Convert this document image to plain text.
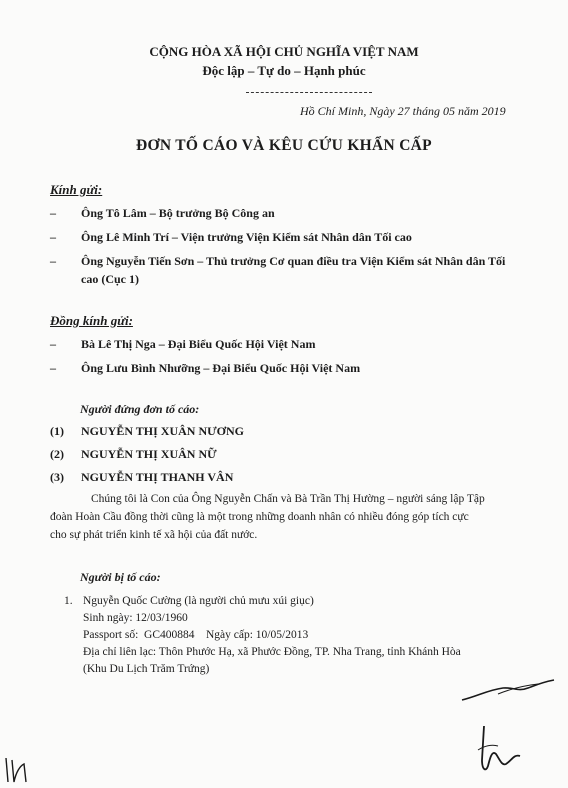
CỘNG HÒA XÃ HỘI CHỦ NGHĨA VIỆT NAM
Độc lập – Tự do – Hạnh phúc
Hồ Chí Minh, Ngày 27 tháng 05 năm 2019
ĐƠN TỐ CÁO VÀ KÊU CỨU KHẨN CẤP
Kính gửi:
– Ông Tô Lâm – Bộ trưởng Bộ Công an
– Ông Lê Minh Trí – Viện trưởng Viện Kiểm sát Nhân dân Tối cao
– Ông Nguyễn Tiến Sơn – Thủ trưởng Cơ quan điều tra Viện Kiểm sát Nhân dân Tối
cao (Cục 1)
Đồng kính gửi:
– Bà Lê Thị Nga – Đại Biểu Quốc Hội Việt Nam
– Ông Lưu Bình Nhưỡng – Đại Biểu Quốc Hội Việt Nam
Người đứng đơn tố cáo:
(1) NGUYỄN THỊ XUÂN NƯƠNG
(2) NGUYỄN THỊ XUÂN NỮ
(3) NGUYỄN THỊ THANH VÂN
Chúng tôi là Con của Ông Nguyễn Chấn và Bà Trần Thị Hường – người sáng lập Tập
đoàn Hoàn Cầu đồng thời cũng là một trong những doanh nhân có nhiều đóng góp tích cực
cho sự phát triển kinh tế xã hội của đất nước.
Người bị tố cáo:
1. Nguyễn Quốc Cường (là người chủ mưu xúi giục)
Sinh ngày: 12/03/1960
Passport số:  GC400884    Ngày cấp: 10/05/2013
Địa chỉ liên lạc: Thôn Phước Hạ, xã Phước Đồng, TP. Nha Trang, tỉnh Khánh Hòa
(Khu Du Lịch Trăm Trứng)
